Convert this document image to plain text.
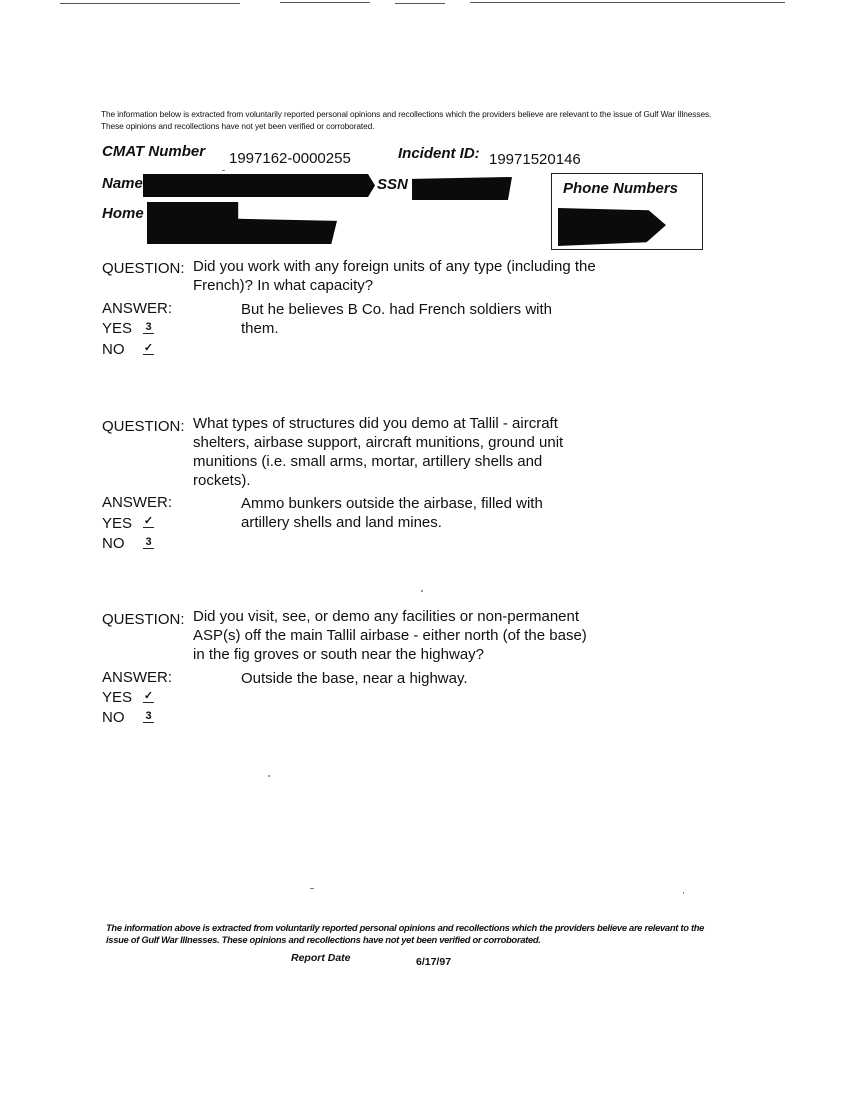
The information below is extracted from voluntarily reported personal opinions and recollections which the providers believe are relevant to the issue of Gulf War Illnesses. These opinions and recollections have not yet been verified or corroborated.
CMAT Number 1997162-0000255	Incident ID: 19971520146
Name	SSN
Home
Phone Numbers
QUESTION: Did you work with any foreign units of any type (including the
French)? In what capacity?
ANSWER:	But he believes B Co. had French soldiers with
them.
YES 3
NO ✓
QUESTION: What types of structures did you demo at Tallil - aircraft
shelters, airbase support, aircraft munitions, ground unit
munitions (i.e. small arms, mortar, artillery shells and
rockets).
ANSWER:	Ammo bunkers outside the airbase, filled with
artillery shells and land mines.
YES ✓
NO 3
QUESTION: Did you visit, see, or demo any facilities or non-permanent
ASP(s) off the main Tallil airbase - either north (of the base)
in the fig groves or south near the highway?
ANSWER:	Outside the base, near a highway.
YES ✓
NO 3
The information above is extracted from voluntarily reported personal opinions and recollections which the providers believe are relevant to the issue of Gulf War Illnesses. These opinions and recollections have not yet been verified or corroborated.
Report Date	6/17/97
